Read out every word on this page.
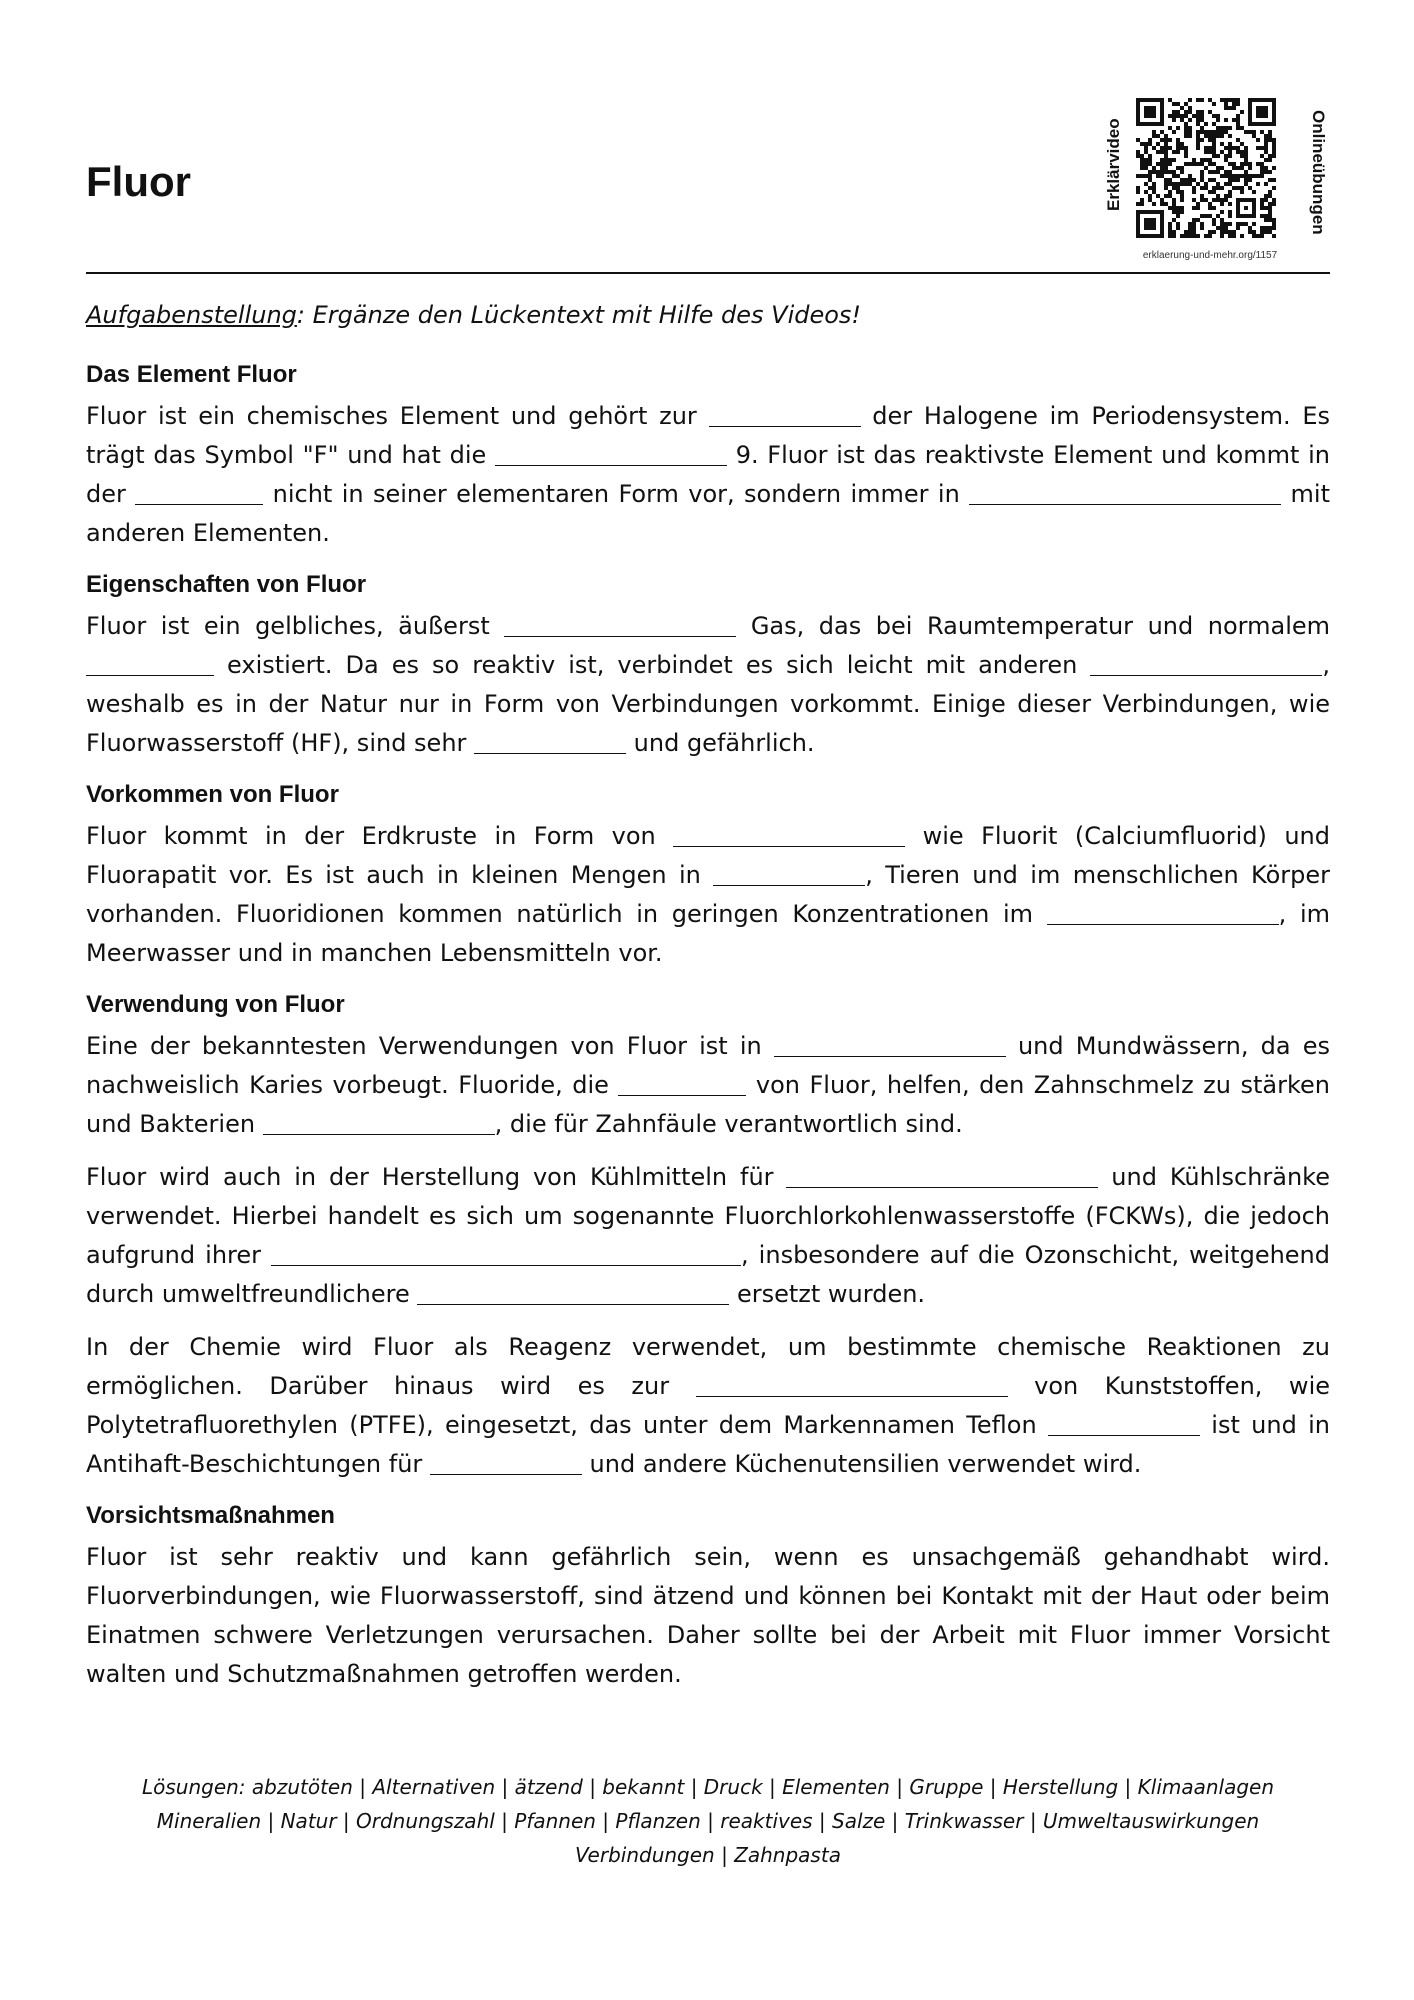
Fluor	Erklärvideo	Onlineübungen
erklaerung-und-mehr.org/1157
Aufgabenstellung: Ergänze den Lückentext mit Hilfe des Videos!
Das Element Fluor

Fluor ist ein chemisches Element und gehört zur	der Halogene im Periodensystem. Es trägt das Symbol "F" und hat die	9. Fluor ist das reaktivste Element und kommt in der	nicht in seiner elementaren Form vor, sondern immer in	mit anderen Elementen.

Eigenschaften von Fluor

Fluor ist ein gelbliches, äußerst	Gas, das bei Raumtemperatur und normalem  existiert. Da es so reaktiv ist, verbindet es sich leicht mit anderen	, weshalb es in der Natur nur in Form von Verbindungen vorkommt. Einige dieser Verbindungen, wie Fluorwasserstoff (HF), sind sehr	und gefährlich.

Vorkommen von Fluor

Fluor kommt in der Erdkruste in Form von	wie Fluorit (Calciumfluorid) und Fluorapatit vor. Es ist auch in kleinen Mengen in	, Tieren und im menschlichen Körper vorhanden. Fluoridionen kommen natürlich in geringen Konzentrationen im	, im Meerwasser und in manchen Lebensmitteln vor.

Verwendung von Fluor

Eine der bekanntesten Verwendungen von Fluor ist in	und Mundwässern, da es nachweislich Karies vorbeugt. Fluoride, die	von Fluor, helfen, den Zahnschmelz zu stärken und Bakterien	, die für Zahnfäule verantwortlich sind.

Fluor wird auch in der Herstellung von Kühlmitteln für	und Kühlschränke verwendet. Hierbei handelt es sich um sogenannte Fluorchlorkohlenwasserstoffe (FCKWs), die jedoch aufgrund ihrer	, insbesondere auf die Ozonschicht, weitgehend durch umweltfreundlichere	ersetzt wurden.

In der Chemie wird Fluor als Reagenz verwendet, um bestimmte chemische Reaktionen zu ermöglichen. Darüber hinaus wird es zur	von Kunststoffen, wie Polytetrafluorethylen (PTFE), eingesetzt, das unter dem Markennamen Teflon	ist und in Antihaft-Beschichtungen für	und andere Küchenutensilien verwendet wird.

Vorsichtsmaßnahmen

Fluor ist sehr reaktiv und kann gefährlich sein, wenn es unsachgemäß gehandhabt wird. Fluorverbindungen, wie Fluorwasserstoff, sind ätzend und können bei Kontakt mit der Haut oder beim Einatmen schwere Verletzungen verursachen. Daher sollte bei der Arbeit mit Fluor immer Vorsicht walten und Schutzmaßnahmen getroffen werden.

Lösungen: abzutöten | Alternativen | ätzend | bekannt | Druck | Elementen | Gruppe | Herstellung | Klimaanlagen
Mineralien | Natur | Ordnungszahl | Pfannen | Pflanzen | reaktives | Salze | Trinkwasser | Umweltauswirkungen
Verbindungen | Zahnpasta
